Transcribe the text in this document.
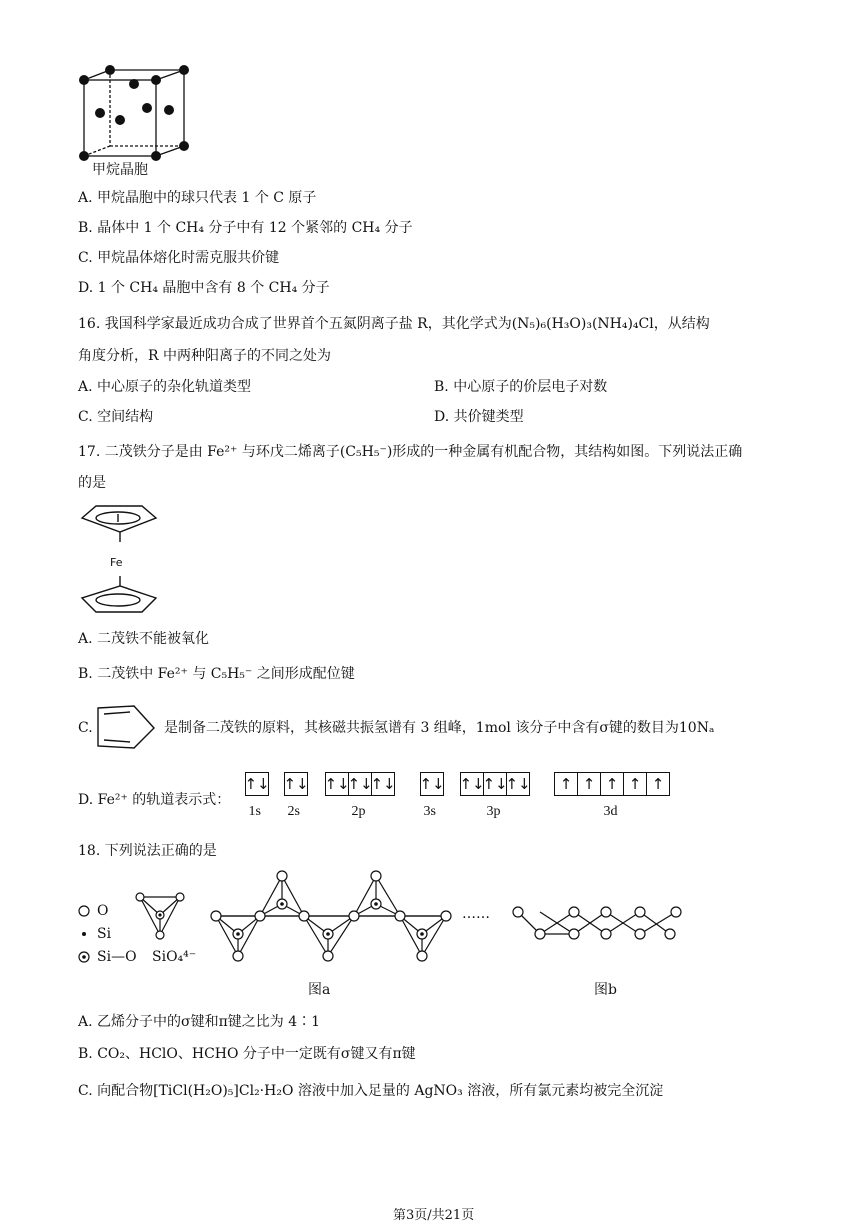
甲烷晶胞
A. 甲烷晶胞中的球只代表 1 个 C 原子
B. 晶体中 1 个 CH₄ 分子中有 12 个紧邻的 CH₄ 分子
C. 甲烷晶体熔化时需克服共价键
D. 1 个 CH₄ 晶胞中含有 8 个 CH₄ 分子
16. 我国科学家最近成功合成了世界首个五氮阴离子盐 R，其化学式为(N₅)₆(H₃O)₃(NH₄)₄Cl，从结构
角度分析，R 中两种阳离子的不同之处为
A. 中心原子的杂化轨道类型	B. 中心原子的价层电子对数
C. 空间结构	D. 共价键类型
17. 二茂铁分子是由 Fe²⁺ 与环戊二烯离子(C₅H₅⁻)形成的一种金属有机配合物，其结构如图。下列说法正确
的是
Fe
A. 二茂铁不能被氧化
B. 二茂铁中 Fe²⁺ 与 C₅H₅⁻ 之间形成配位键
C.	是制备二茂铁的原料，其核磁共振氢谱有 3 组峰，1mol 该分子中含有σ键的数目为10Nₐ
D. Fe²⁺ 的轨道表示式：
↑↓
1s
↑↓
2s
↑↓
↑↓
↑↓
2p
↑↓
3s
↑↓
↑↓
↑↓
3p
↑ ↑ ↑ ↑ ↑
3d
18. 下列说法正确的是
O
Si
Si—O SiO₄⁴⁻
……
图a	图b
A. 乙烯分子中的σ键和π键之比为 4∶1
B. CO₂、HClO、HCHO 分子中一定既有σ键又有π键
C. 向配合物[TiCl(H₂O)₅]Cl₂·H₂O 溶液中加入足量的 AgNO₃ 溶液，所有氯元素均被完全沉淀
第3页/共21页
